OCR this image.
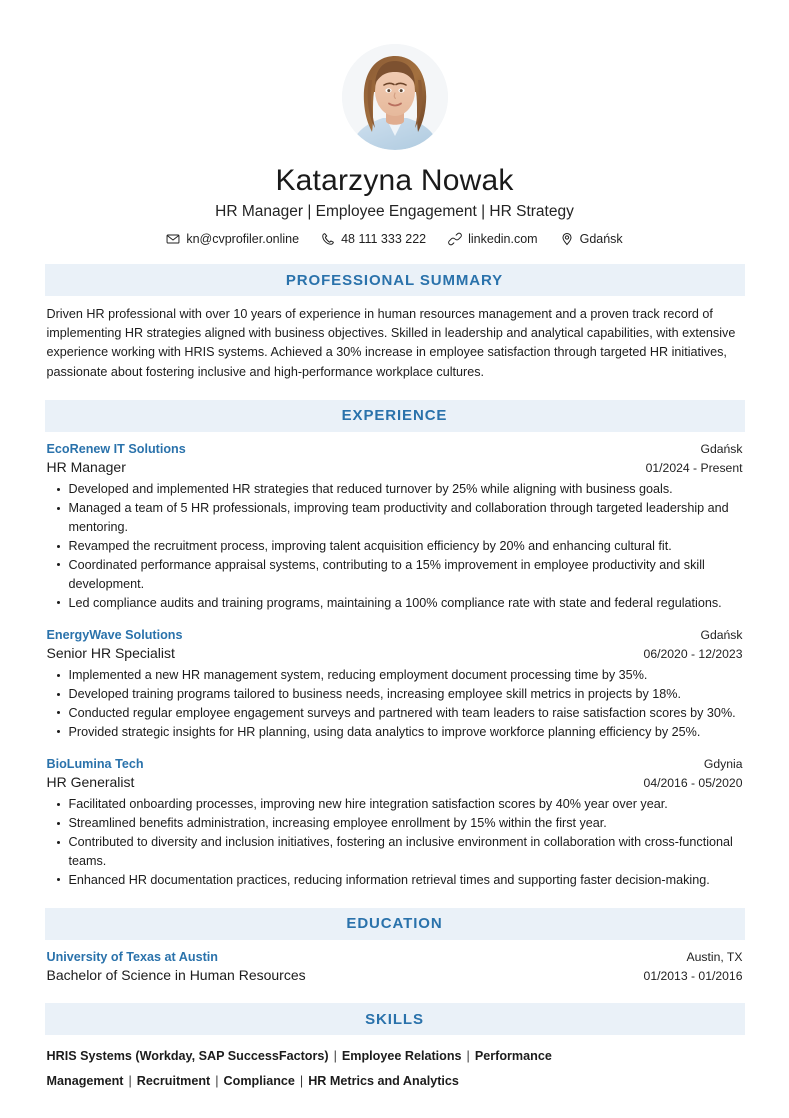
Katarzyna Nowak
HR Manager | Employee Engagement | HR Strategy
kn@cvprofiler.online	48 111 333 222	linkedin.com	Gdańsk
PROFESSIONAL SUMMARY

Driven HR professional with over 10 years of experience in human resources management and a proven track record of implementing HR strategies aligned with business objectives. Skilled in leadership and analytical capabilities, with extensive experience working with HRIS systems. Achieved a 30% increase in employee satisfaction through targeted HR initiatives, passionate about fostering inclusive and high-performance workplace cultures.

EXPERIENCE
EcoRenew IT Solutions	Gdańsk
HR Manager	01/2024 - Present
Developed and implemented HR strategies that reduced turnover by 25% while aligning with business goals.
Managed a team of 5 HR professionals, improving team productivity and collaboration through targeted leadership and mentoring.
Revamped the recruitment process, improving talent acquisition efficiency by 20% and enhancing cultural fit.
Coordinated performance appraisal systems, contributing to a 15% improvement in employee productivity and skill development.
Led compliance audits and training programs, maintaining a 100% compliance rate with state and federal regulations.
EnergyWave Solutions	Gdańsk
Senior HR Specialist	06/2020 - 12/2023
Implemented a new HR management system, reducing employment document processing time by 35%.
Developed training programs tailored to business needs, increasing employee skill metrics in projects by 18%.
Conducted regular employee engagement surveys and partnered with team leaders to raise satisfaction scores by 30%.
Provided strategic insights for HR planning, using data analytics to improve workforce planning efficiency by 25%.
BioLumina Tech	Gdynia
HR Generalist	04/2016 - 05/2020
Facilitated onboarding processes, improving new hire integration satisfaction scores by 40% year over year.
Streamlined benefits administration, increasing employee enrollment by 15% within the first year.
Contributed to diversity and inclusion initiatives, fostering an inclusive environment in collaboration with cross-functional teams.
Enhanced HR documentation practices, reducing information retrieval times and supporting faster decision-making.
EDUCATION
University of Texas at Austin	Austin, TX
Bachelor of Science in Human Resources	01/2013 - 01/2016
SKILLS
HRIS Systems (Workday, SAP SuccessFactors) | Employee Relations | Performance Management | Recruitment | Compliance | HR Metrics and Analytics
